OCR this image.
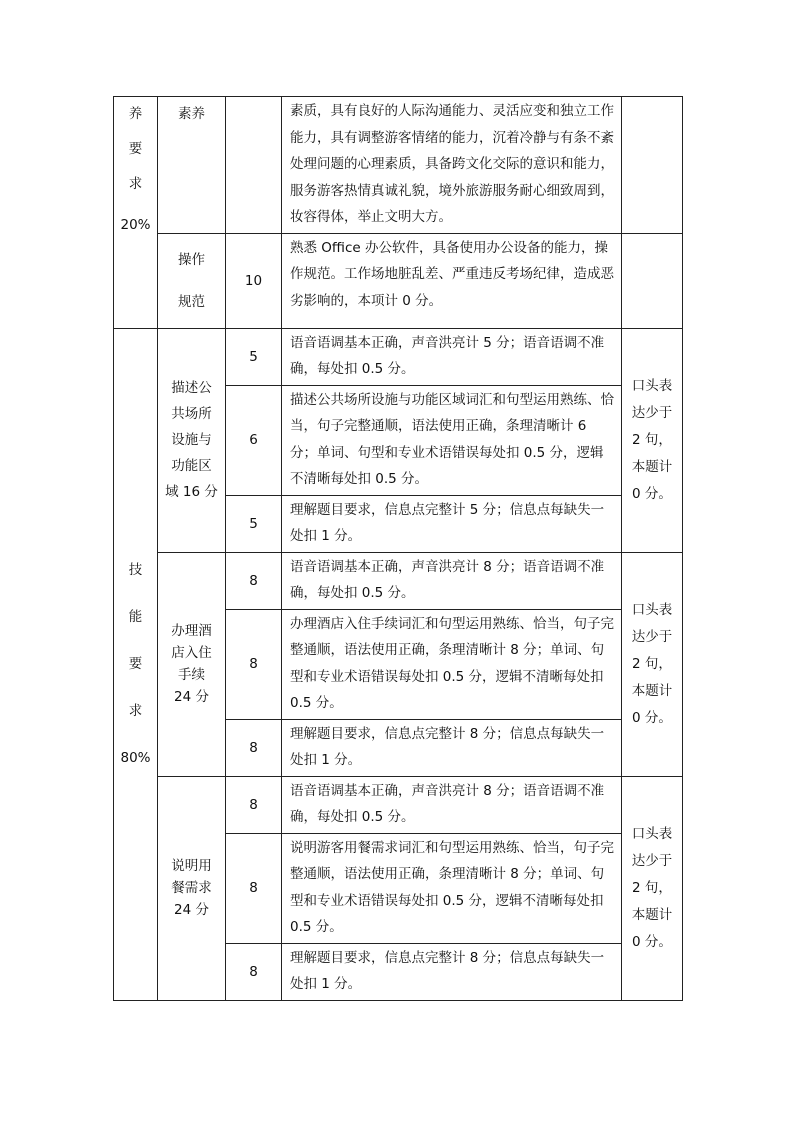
养
要
求
20%	素养		素质，具有良好的人际沟通能力、灵活应变和独立工作能力，具有调整游客情绪的能力，沉着冷静与有条不紊处理问题的心理素质，具备跨文化交际的意识和能力，服务游客热情真诚礼貌，境外旅游服务耐心细致周到，妆容得体，举止文明大方。	

	操作
规范	10	熟悉 Office 办公软件，具备使用办公设备的能力，操作规范。工作场地脏乱差、严重违反考场纪律，造成恶劣影响的，本项计 0 分。	

技
能
要
求
80%	描述公
共场所
设施与
功能区
域 16 分	5	语音语调基本正确，声音洪亮计 5 分；语音语调不准确，每处扣 0.5 分。	口头表
达少于
2 句，
本题计
0 分。

		6	描述公共场所设施与功能区域词汇和句型运用熟练、恰当，句子完整通顺，语法使用正确，条理清晰计 6 分；单词、句型和专业术语错误每处扣 0.5 分，逻辑不清晰每处扣 0.5 分。	
		5	理解题目要求，信息点完整计 5 分；信息点每缺失一处扣 1 分。	

	办理酒
店入住
手续
24 分	8	语音语调基本正确，声音洪亮计 8 分；语音语调不准确，每处扣 0.5 分。	口头表
达少于
2 句，
本题计
0 分。

		8	办理酒店入住手续词汇和句型运用熟练、恰当，句子完整通顺，语法使用正确，条理清晰计 8 分；单词、句型和专业术语错误每处扣 0.5 分，逻辑不清晰每处扣 0.5 分。	
		8	理解题目要求，信息点完整计 8 分；信息点每缺失一处扣 1 分。	

	说明用
餐需求
24 分	8	语音语调基本正确，声音洪亮计 8 分；语音语调不准确，每处扣 0.5 分。	口头表
达少于
2 句，
本题计
0 分。

		8	说明游客用餐需求词汇和句型运用熟练、恰当，句子完整通顺，语法使用正确，条理清晰计 8 分；单词、句型和专业术语错误每处扣 0.5 分，逻辑不清晰每处扣 0.5 分。	
		8	理解题目要求，信息点完整计 8 分；信息点每缺失一处扣 1 分。	
